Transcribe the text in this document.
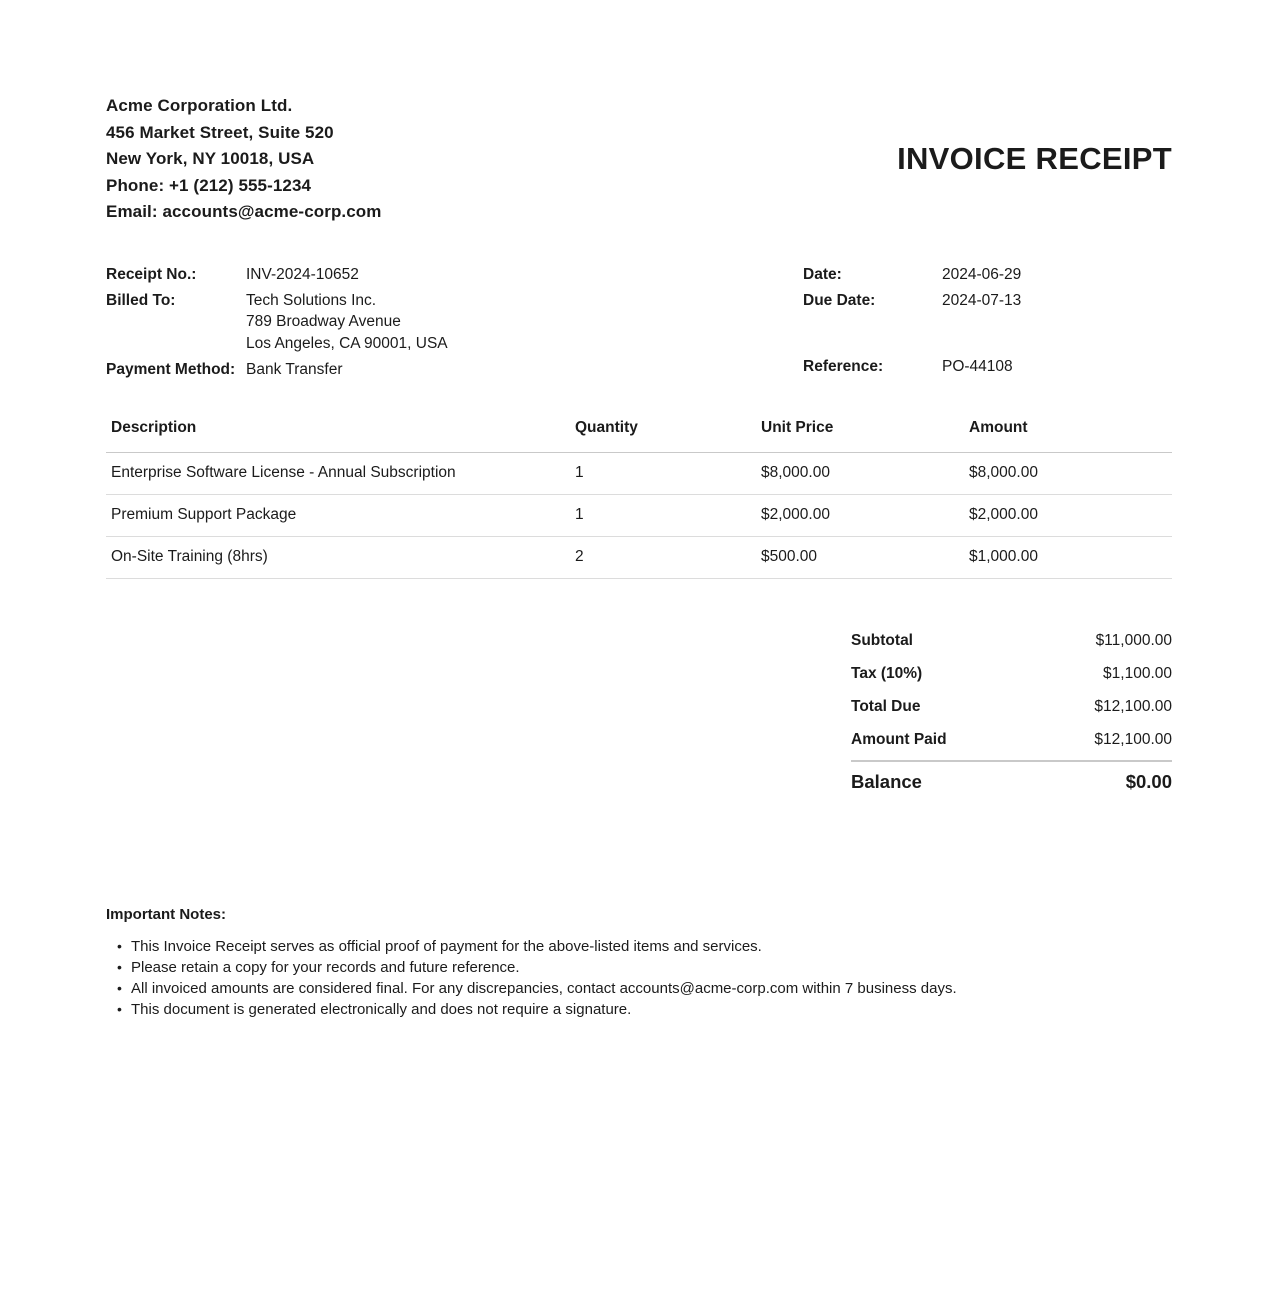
Acme Corporation Ltd.
456 Market Street, Suite 520
New York, NY 10018, USA
Phone: +1 (212) 555-1234
Email: accounts@acme-corp.com
INVOICE RECEIPT
Receipt No.:	INV-2024-10652
Billed To:	Tech Solutions Inc.
789 Broadway Avenue
Los Angeles, CA 90001, USA
Payment Method: Bank Transfer
Date:	2024-06-29
Due Date:	2024-07-13
Reference:	PO-44108
Description	Quantity	Unit Price	Amount
Enterprise Software License - Annual Subscription	1	$8,000.00	$8,000.00
Premium Support Package	1	$2,000.00	$2,000.00
On-Site Training (8hrs)	2	$500.00	$1,000.00
Subtotal	$11,000.00
Tax (10%)	$1,100.00
Total Due	$12,100.00
Amount Paid	$12,100.00
Balance	$0.00
Important Notes:
• This Invoice Receipt serves as official proof of payment for the above-listed items and services.
• Please retain a copy for your records and future reference.
• All invoiced amounts are considered final. For any discrepancies, contact accounts@acme-corp.com within 7 business days.
• This document is generated electronically and does not require a signature.
